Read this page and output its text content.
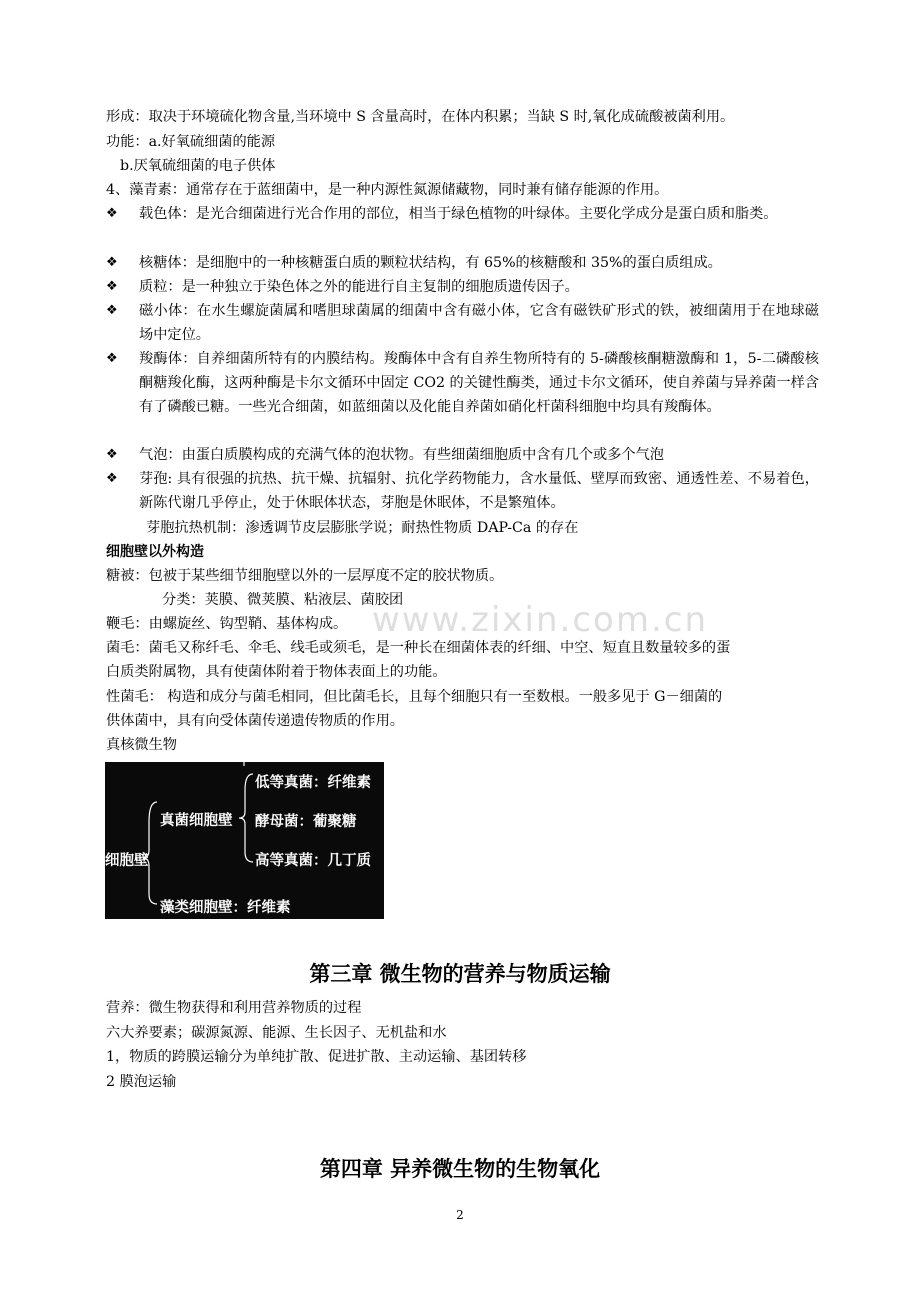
www.zixin.com.cn
形成：取决于环境硫化物含量,当环境中 S 含量高时，在体内积累；当缺 S 时,氧化成硫酸被菌利用。
功能：a.好氧硫细菌的能源
b.厌氧硫细菌的电子供体
4、藻青素：通常存在于蓝细菌中，是一种内源性氮源储藏物，同时兼有储存能源的作用。
❖	载色体：是光合细菌进行光合作用的部位，相当于绿色植物的叶绿体。主要化学成分是蛋白质和脂类。
❖	核糖体：是细胞中的一种核糖蛋白质的颗粒状结构，有 65%的核糖酸和 35%的蛋白质组成。
❖	质粒：是一种独立于染色体之外的能进行自主复制的细胞质遗传因子。
❖	磁小体：在水生螺旋菌属和嗜胆球菌属的细菌中含有磁小体，它含有磁铁矿形式的铁，被细菌用于在地球磁场中定位。
❖	羧酶体：自养细菌所特有的内膜结构。羧酶体中含有自养生物所特有的 5-磷酸核酮糖激酶和 1，5-二磷酸核酮糖羧化酶，这两种酶是卡尔文循环中固定 CO2 的关键性酶类，通过卡尔文循环，使自养菌与异养菌一样含有了磷酸已糖。一些光合细菌，如蓝细菌以及化能自养菌如硝化杆菌科细胞中均具有羧酶体。
❖	气泡：由蛋白质膜构成的充满气体的泡状物。有些细菌细胞质中含有几个或多个气泡
❖	芽孢: 具有很强的抗热、抗干燥、抗辐射、抗化学药物能力，含水量低、壁厚而致密、通透性差、不易着色，新陈代谢几乎停止，处于休眠体状态，芽胞是休眠体，不是繁殖体。
芽胞抗热机制：渗透调节皮层膨胀学说；耐热性物质 DAP-Ca 的存在
细胞壁以外构造
糖被：包被于某些细节细胞壁以外的一层厚度不定的胶状物质。
分类：荚膜、微荚膜、粘液层、菌胶团
鞭毛：由螺旋丝、钩型鞘、基体构成。
菌毛：菌毛又称纤毛、伞毛、线毛或须毛，是一种长在细菌体表的纤细、中空、短直且数量较多的蛋
白质类附属物，具有使菌体附着于物体表面上的功能。
性菌毛： 构造和成分与菌毛相同，但比菌毛长，且每个细胞只有一至数根。一般多见于 G－细菌的
供体菌中，具有向受体菌传递遗传物质的作用。
真核微生物
细胞壁
真菌细胞壁
低等真菌：纤维素
酵母菌：葡聚糖
高等真菌：几丁质
藻类细胞壁：纤维素
第三章 微生物的营养与物质运输
营养：微生物获得和利用营养物质的过程
六大养要素；碳源氮源、能源、生长因子、无机盐和水
1，物质的跨膜运输分为单纯扩散、促进扩散、主动运输、基团转移
2 膜泡运输
第四章 异养微生物的生物氧化
2
